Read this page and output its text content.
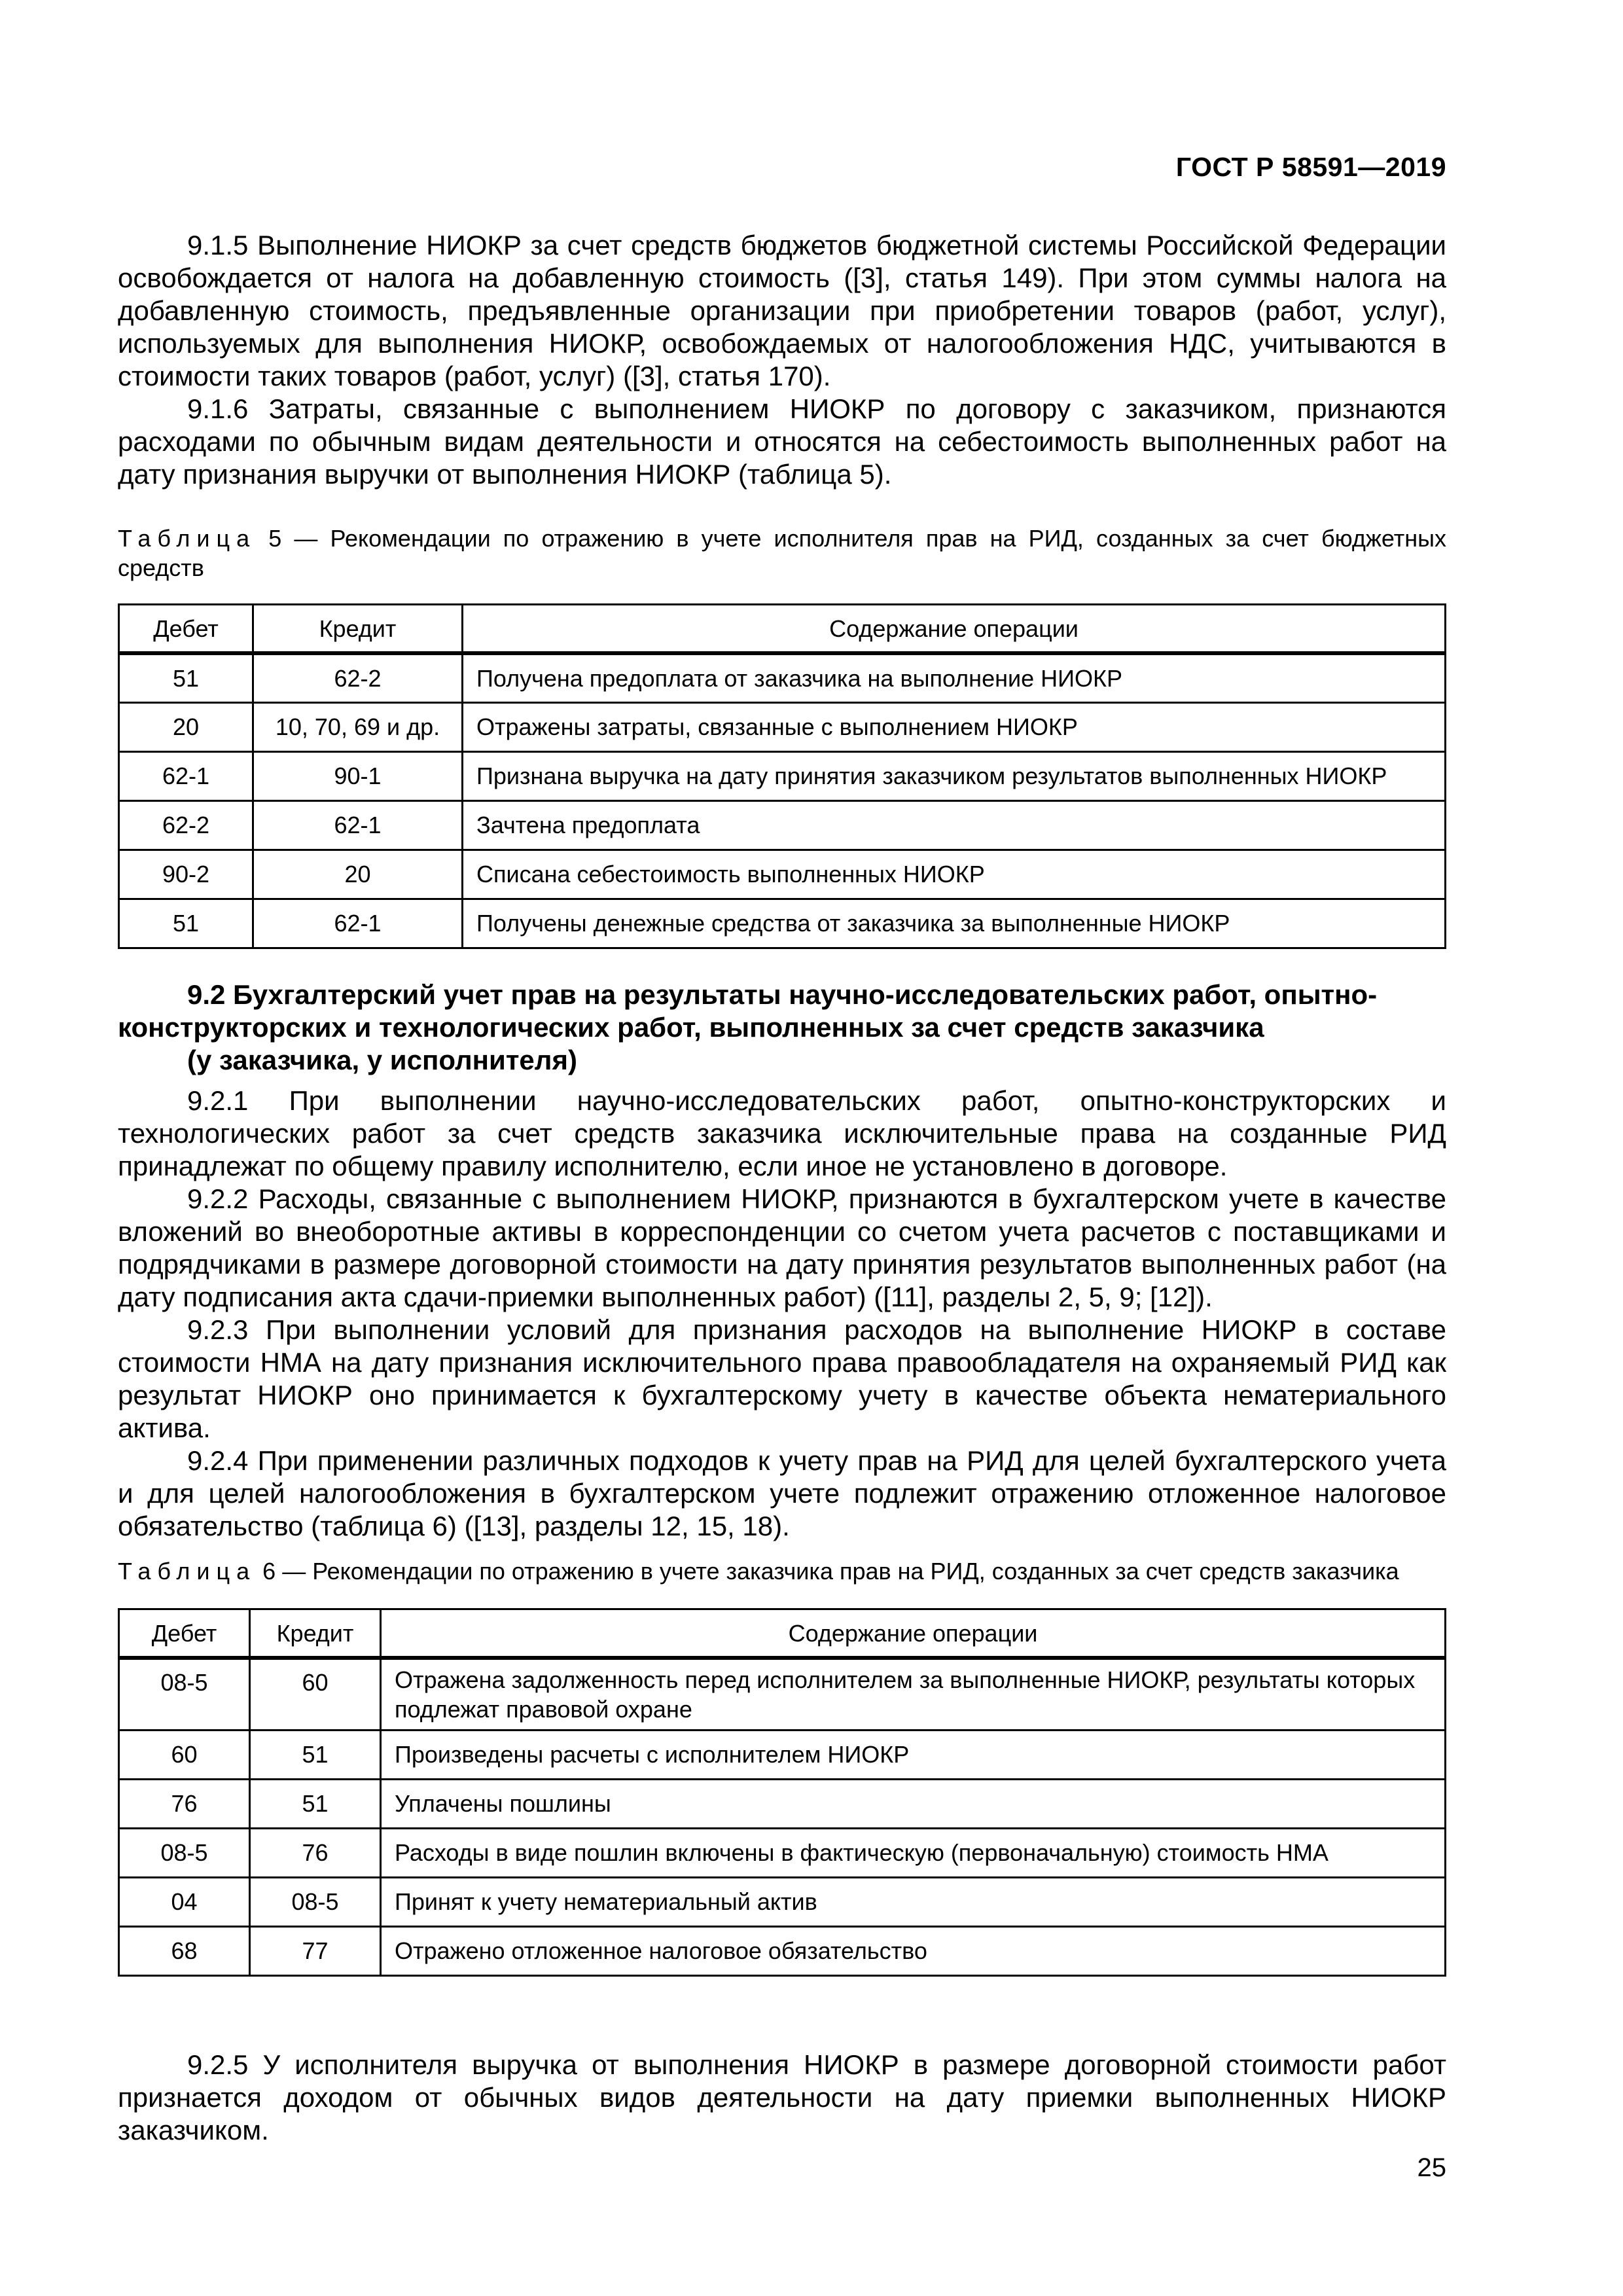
ГОСТ Р 58591—2019

9.1.5 Выполнение НИОКР за счет средств бюджетов бюджетной системы Российской Федерации освобождается от налога на добавленную стоимость ([3], статья 149). При этом суммы налога на добавленную стоимость, предъявленные организации при приобретении товаров (работ, услуг), используемых для выполнения НИОКР, освобождаемых от налогообложения НДС, учитываются в стоимости таких товаров (работ, услуг) ([3], статья 170).

9.1.6 Затраты, связанные с выполнением НИОКР по договору с заказчиком, признаются расходами по обычным видам деятельности и относятся на себестоимость выполненных работ на дату признания выручки от выполнения НИОКР (таблица 5).

Таблица 5 — Рекомендации по отражению в учете исполнителя прав на РИД, созданных за счет бюджетных средств

Дебет	Кредит	Содержание операции
51	62-2	Получена предоплата от заказчика на выполнение НИОКР
20	10, 70, 69 и др.	Отражены затраты, связанные с выполнением НИОКР
62-1	90-1	Признана выручка на дату принятия заказчиком результатов выполненных НИОКР
62-2	62-1	Зачтена предоплата
90-2	20	Списана себестоимость выполненных НИОКР
51	62-1	Получены денежные средства от заказчика за выполненные НИОКР

9.2 Бухгалтерский учет прав на результаты научно-исследовательских работ, опытно-

конструкторских и технологических работ, выполненных за счет средств заказчика

(у заказчика, у исполнителя)

9.2.1 При выполнении научно-исследовательских работ, опытно-конструкторских и технологических работ за счет средств заказчика исключительные права на созданные РИД принадлежат по общему правилу исполнителю, если иное не установлено в договоре.

9.2.2 Расходы, связанные с выполнением НИОКР, признаются в бухгалтерском учете в качестве вложений во внеоборотные активы в корреспонденции со счетом учета расчетов с поставщиками и подрядчиками в размере договорной стоимости на дату принятия результатов выполненных работ (на дату подписания акта сдачи-приемки выполненных работ) ([11], разделы 2, 5, 9; [12]).

9.2.3 При выполнении условий для признания расходов на выполнение НИОКР в составе стоимости НМА на дату признания исключительного права правообладателя на охраняемый РИД как результат НИОКР оно принимается к бухгалтерскому учету в качестве объекта нематериального актива.

9.2.4 При применении различных подходов к учету прав на РИД для целей бухгалтерского учета и для целей налогообложения в бухгалтерском учете подлежит отражению отложенное налоговое обязательство (таблица 6) ([13], разделы 12, 15, 18).

Таблица 6 — Рекомендации по отражению в учете заказчика прав на РИД, созданных за счет средств заказчика

Дебет	Кредит	Содержание операции
08-5	60	Отражена задолженность перед исполнителем за выполненные НИОКР, результаты которых подлежат правовой охране
60	51	Произведены расчеты с исполнителем НИОКР
76	51	Уплачены пошлины
08-5	76	Расходы в виде пошлин включены в фактическую (первоначальную) стоимость НМА
04	08-5	Принят к учету нематериальный актив
68	77	Отражено отложенное налоговое обязательство

9.2.5 У исполнителя выручка от выполнения НИОКР в размере договорной стоимости работ признается доходом от обычных видов деятельности на дату приемки выполненных НИОКР заказчиком.

25
